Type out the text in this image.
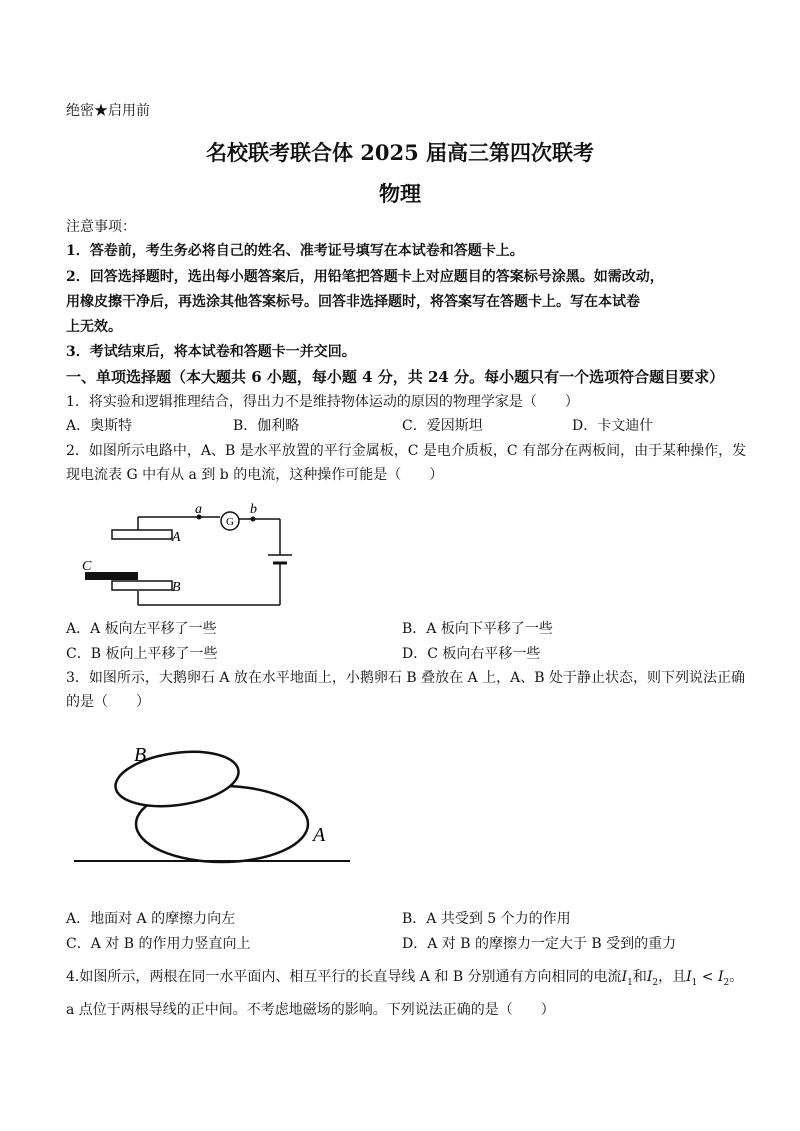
绝密★启用前
名校联考联合体 2025 届高三第四次联考
物理
注意事项：
1．答卷前，考生务必将自己的姓名、准考证号填写在本试卷和答题卡上。
2．回答选择题时，选出每小题答案后，用铅笔把答题卡上对应题目的答案标号涂黑。如需改动，
用橡皮擦干净后，再选涂其他答案标号。回答非选择题时，将答案写在答题卡上。写在本试卷
上无效。
3．考试结束后，将本试卷和答题卡一并交回。
一、单项选择题（本大题共 6 小题，每小题 4 分，共 24 分。每小题只有一个选项符合题目要求）
1．将实验和逻辑推理结合，得出力不是维持物体运动的原因的物理学家是（　　）
A．奥斯特	B．伽利略	C．爱因斯坦	D．卡文迪什
2．如图所示电路中，A、B 是水平放置的平行金属板，C 是电介质板，C 有部分在两板间，由于某种操作，发
现电流表 G 中有从 a 到 b 的电流，这种操作可能是（　　）
G
a	b
A
B
C
A．A 板向左平移了一些	B．A 板向下平移了一些
C．B 板向上平移了一些	D．C 板向右平移一些
3．如图所示，大鹅卵石 A 放在水平地面上，小鹅卵石 B 叠放在 A 上，A、B 处于静止状态，则下列说法正确
的是（　　）
B
A
A．地面对 A 的摩擦力向左	B．A 共受到 5 个力的作用
C．A 对 B 的作用力竖直向上	D．A 对 B 的摩擦力一定大于 B 受到的重力
4.如图所示，两根在同一水平面内、相互平行的长直导线 A 和 B 分别通有方向相同的电流$I_1$和$I_2$，且$I_1 < I_2$。
a 点位于两根导线的正中间。不考虑地磁场的影响。下列说法正确的是（　　）
